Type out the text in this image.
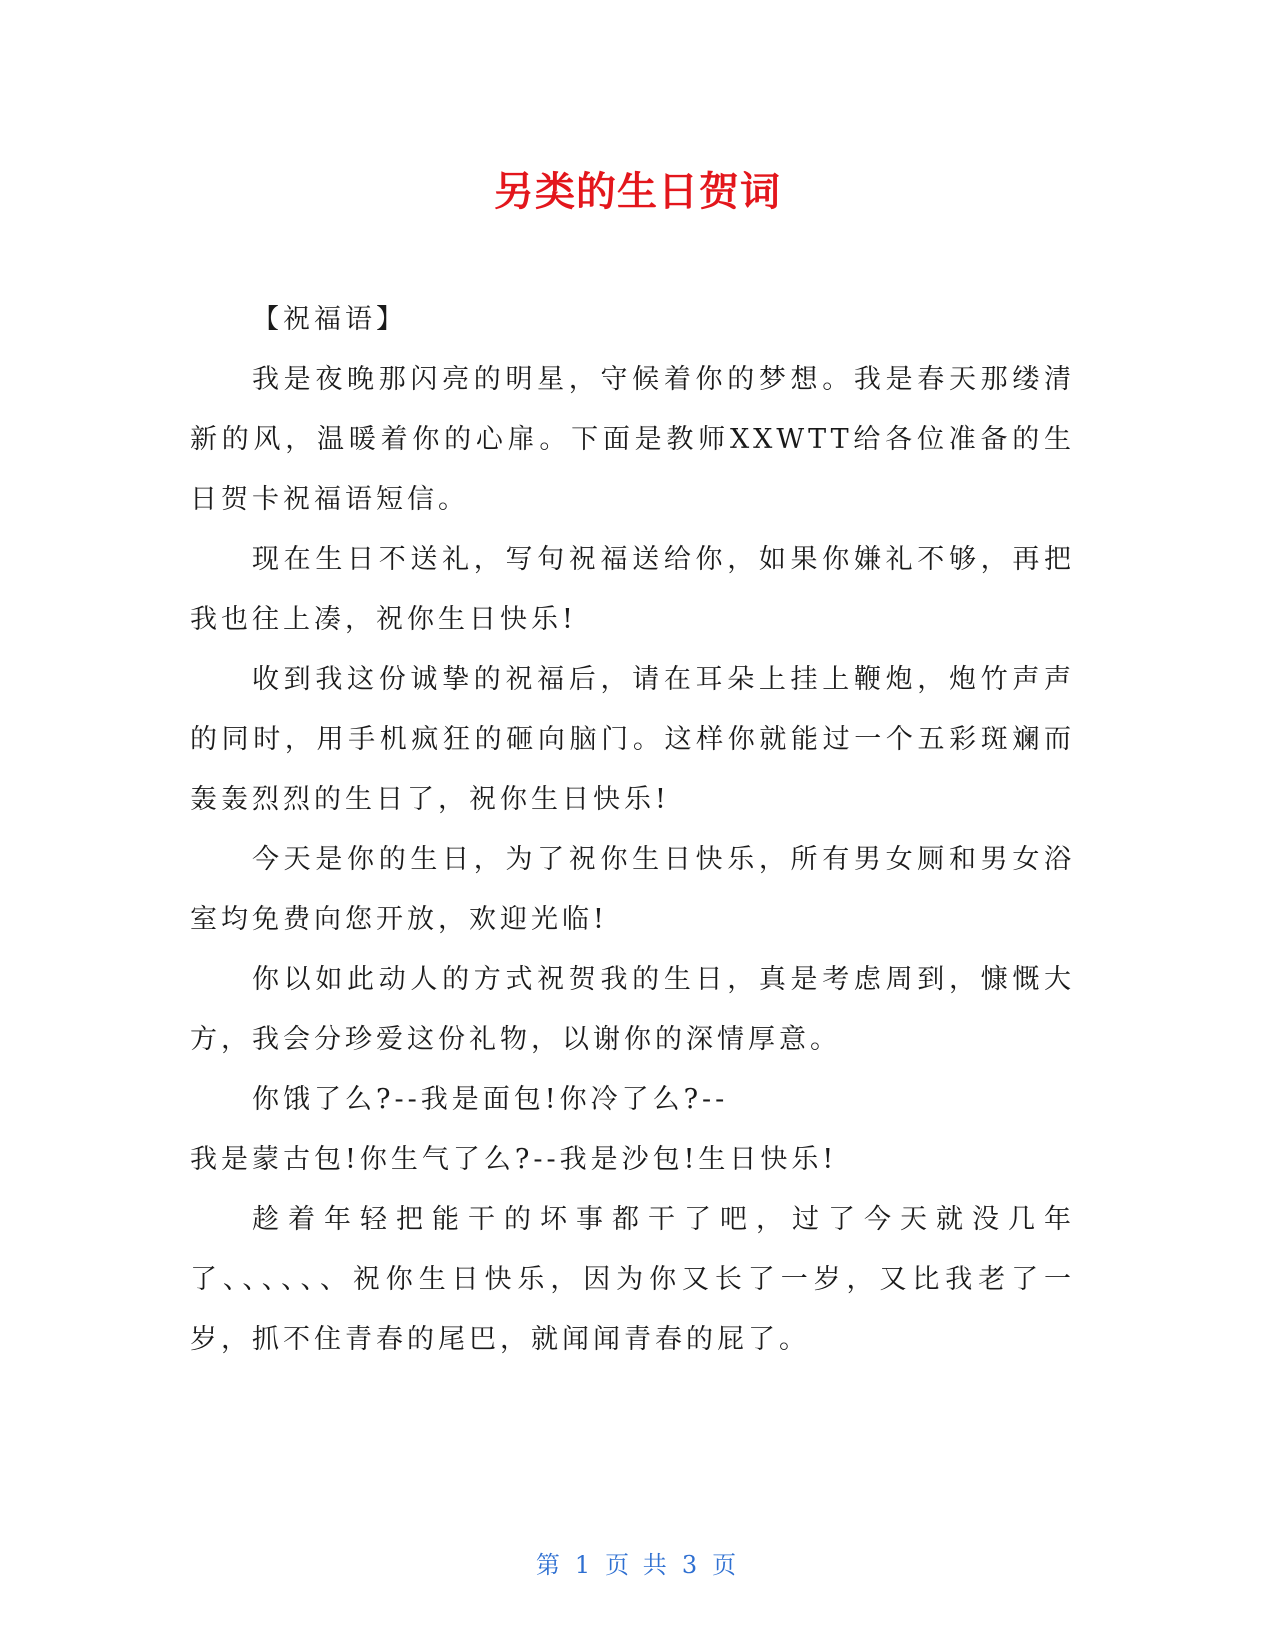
另类的生日贺词

【祝福语】

我是夜晚那闪亮的明星，守候着你的梦想。我是春天那缕清新的风，温暖着你的心扉。下面是教师XXWTT给各位准备的生日贺卡祝福语短信。

现在生日不送礼，写句祝福送给你，如果你嫌礼不够，再把我也往上凑，祝你生日快乐!

收到我这份诚挚的祝福后，请在耳朵上挂上鞭炮，炮竹声声的同时，用手机疯狂的砸向脑门。这样你就能过一个五彩斑斓而轰轰烈烈的生日了，祝你生日快乐!

今天是你的生日，为了祝你生日快乐，所有男女厕和男女浴室均免费向您开放，欢迎光临!

你以如此动人的方式祝贺我的生日，真是考虑周到，慷慨大方，我会分珍爱这份礼物，以谢你的深情厚意。

你饿了么?--我是面包!你冷了么?--

我是蒙古包!你生气了么?--我是沙包!生日快乐!

趁着年轻把能干的坏事都干了吧，过了今天就没几年了、、、、、、祝你生日快乐，因为你又长了一岁，又比我老了一岁，抓不住青春的尾巴，就闻闻青春的屁了。

第 1 页 共 3 页
